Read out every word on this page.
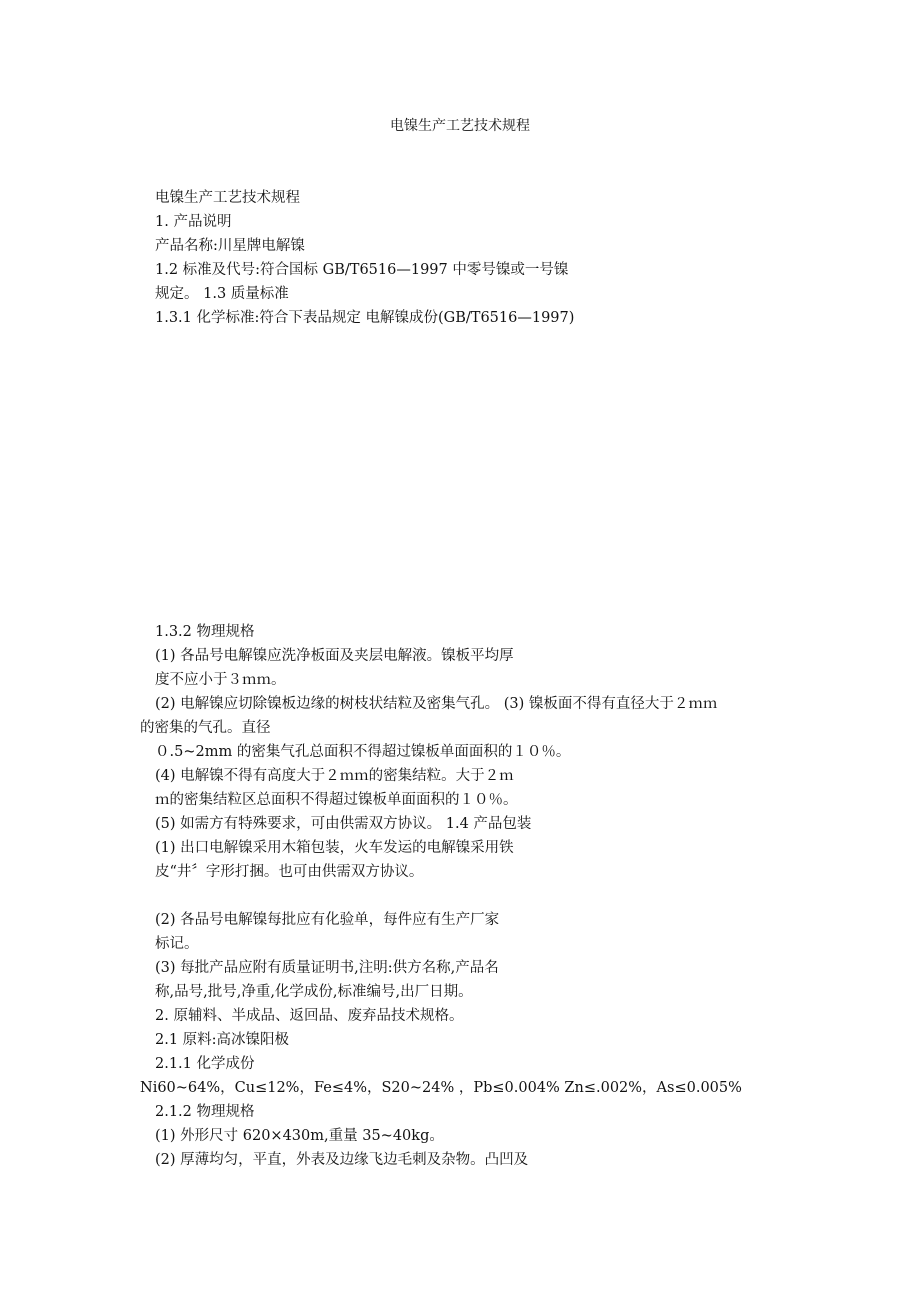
电镍生产工艺技术规程

电镍生产工艺技术规程

1. 产品说明

产品名称:川星牌电解镍

1.2 标准及代号:符合国标 GB/T6516—1997 中零号镍或一号镍

规定。 1.3 质量标准

1.3.1 化学标准:符合下表品规定 电解镍成份(GB/T6516—1997)

1.3.2 物理规格

(1) 各品号电解镍应洗净板面及夹层电解液。镍板平均厚

度不应小于３ｍｍ。

(2) 电解镍应切除镍板边缘的树枝状结粒及密集气孔。 (3) 镍板面不得有直径大于２ｍｍ

的密集的气孔。直径

０.5~2mm 的密集气孔总面积不得超过镍板单面面积的１０％。

(4) 电解镍不得有高度大于２ｍｍ的密集结粒。大于２ｍ

ｍ的密集结粒区总面积不得超过镍板单面面积的１０％。

(5) 如需方有特殊要求，可由供需双方协议。 1.4 产品包装

(1) 出口电解镍采用木箱包装，火车发运的电解镍采用铁

皮“井〞字形打捆。也可由供需双方协议。

(2) 各品号电解镍每批应有化验单，每件应有生产厂家

标记。

(3) 每批产品应附有质量证明书,注明:供方名称,产品名

称,品号,批号,净重,化学成份,标准编号,出厂日期。

2. 原辅料、半成品、返回品、废弃品技术规格。

2.1 原料:高冰镍阳极

2.1.1 化学成份

Ni60~64%，Cu≤12%，Fe≤4%，S20~24% ，Pb≤0.004% Zn≤.002%，As≤0.005%

2.1.2 物理规格

(1) 外形尺寸 620×430m,重量 35~40kg。

(2) 厚薄均匀，平直，外表及边缘飞边毛刺及杂物。凸凹及
